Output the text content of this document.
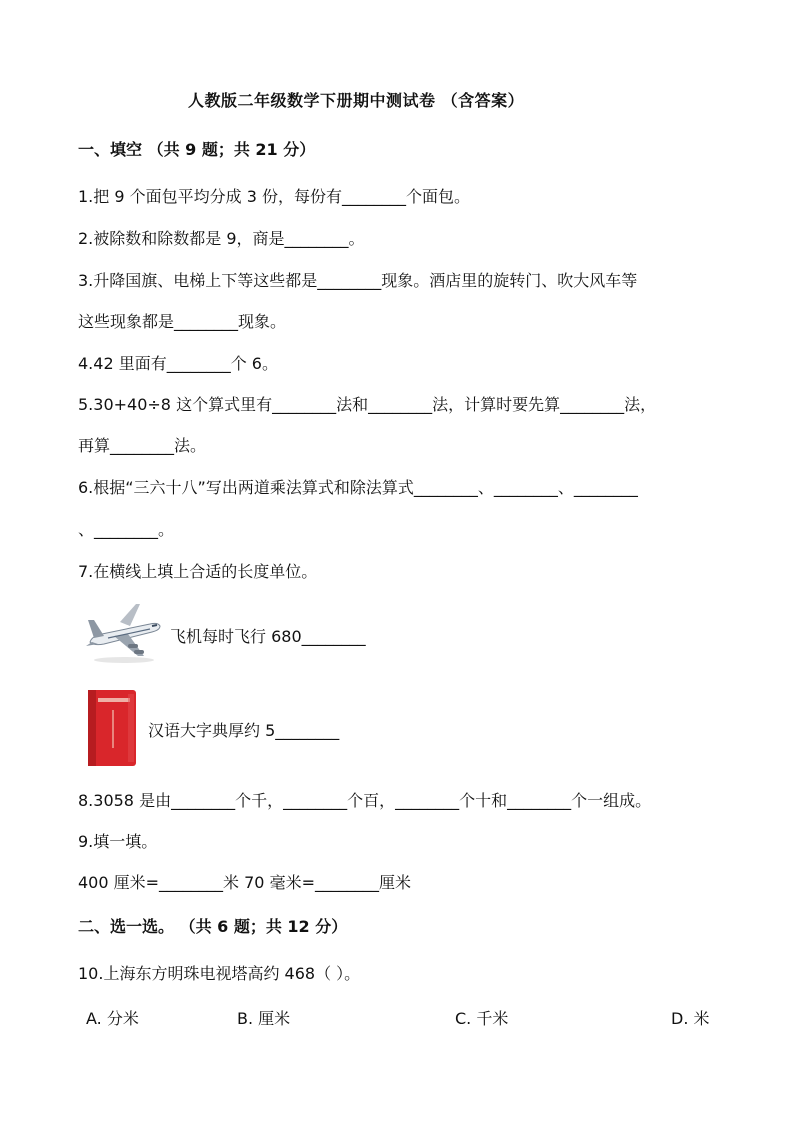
人教版二年级数学下册期中测试卷 （含答案）
一、填空 （共 9 题；共 21 分）
1.把 9 个面包平均分成 3 份，每份有________个面包。
2.被除数和除数都是 9，商是________。
3.升降国旗、电梯上下等这些都是________现象。酒店里的旋转门、吹大风车等
这些现象都是________现象。
4.42 里面有________个 6。
5.30+40÷8 这个算式里有________法和________法，计算时要先算________法，
再算________法。
6.根据“三六十八”写出两道乘法算式和除法算式________、________、________
、________。
7.在横线上填上合适的长度单位。
飞机每时飞行 680________
汉语大字典厚约 5________
8.3058 是由________个千，________个百，________个十和________个一组成。
9.填一填。
400 厘米=________米 70 毫米=________厘米
二、选一选。 （共 6 题；共 12 分）
10.上海东方明珠电视塔高约 468（ ）。
A. 分米	B. 厘米	C. 千米	D. 米
